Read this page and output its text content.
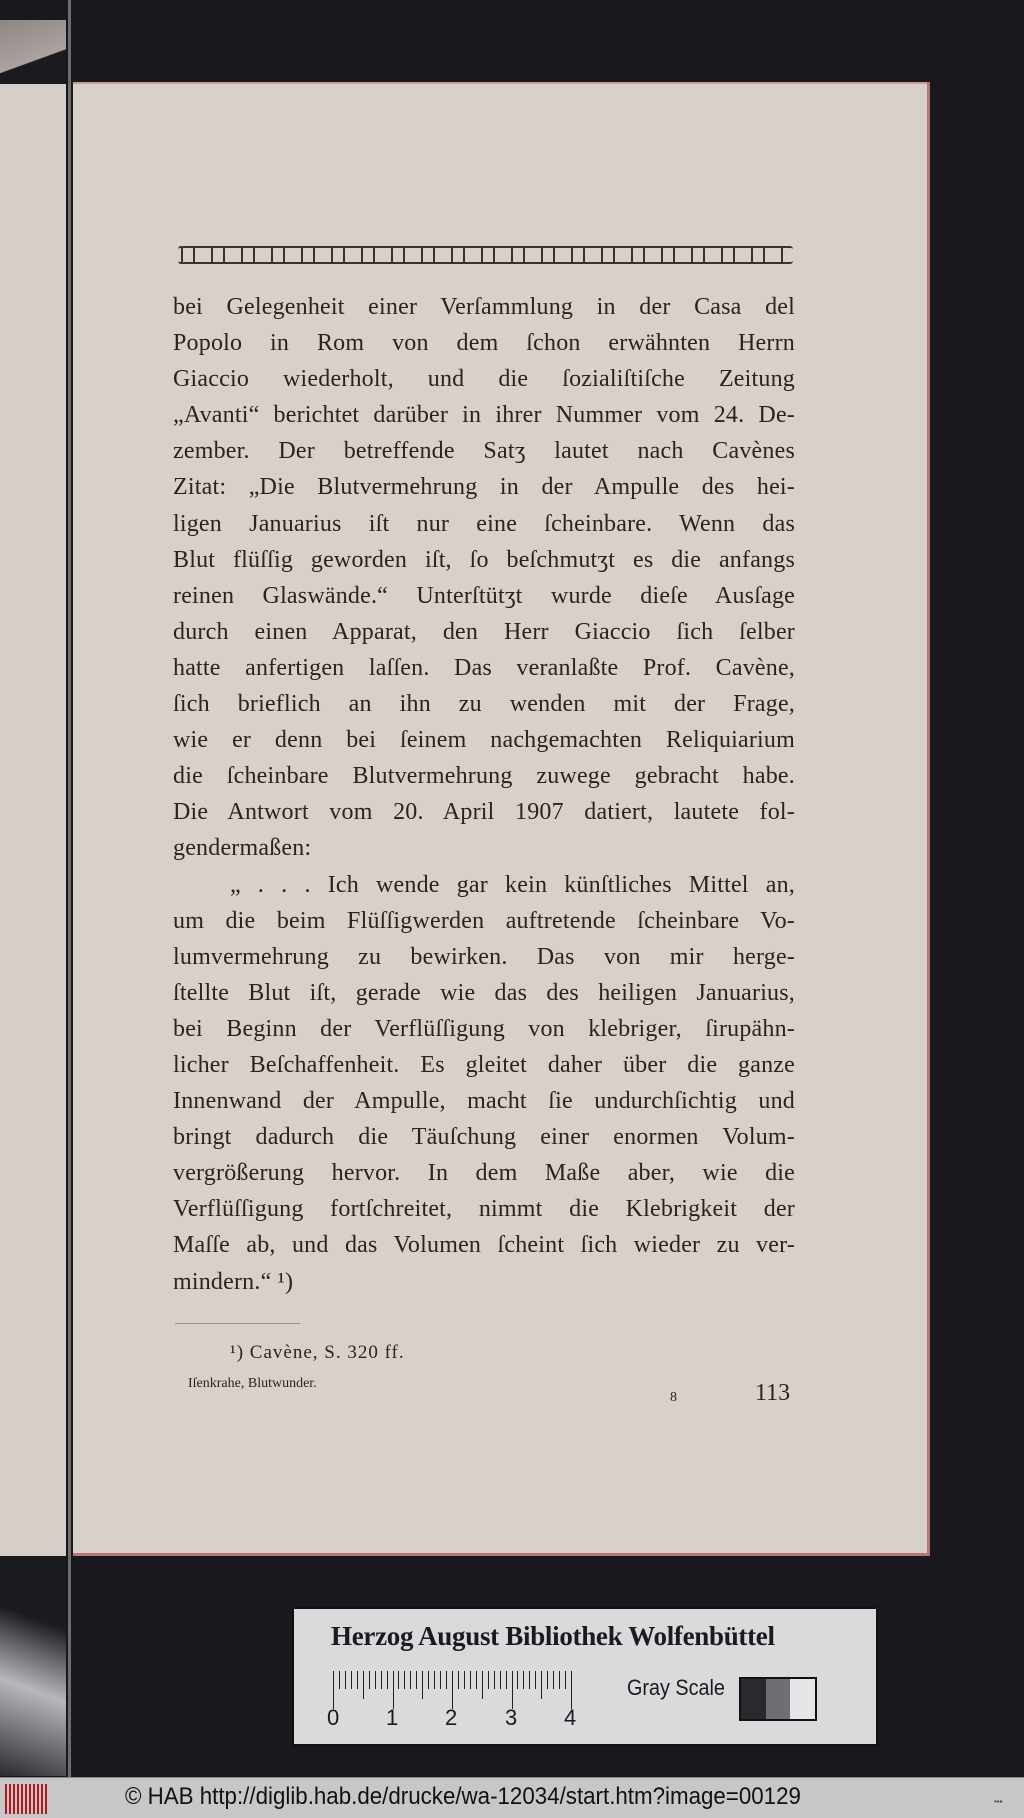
bei Gelegenheit einer Verſammlung in der Casa del
Popolo in Rom von dem ſchon erwähnten Herrn
Giaccio wiederholt, und die ſozialiſtiſche Zeitung
„Avanti“ berichtet darüber in ihrer Nummer vom 24. De-
zember. Der betreffende Satʒ lautet nach Cavènes
Zitat: „Die Blutvermehrung in der Ampulle des hei-
ligen Januarius iſt nur eine ſcheinbare. Wenn das
Blut flüſſig geworden iſt, ſo beſchmutʒt es die anfangs
reinen Glaswände.“ Unterſtütʒt wurde dieſe Ausſage
durch einen Apparat, den Herr Giaccio ſich ſelber
hatte anfertigen laſſen. Das veranlaßte Prof. Cavène,
ſich brieflich an ihn zu wenden mit der Frage,
wie er denn bei ſeinem nachgemachten Reliquiarium
die ſcheinbare Blutvermehrung zuwege gebracht habe.
Die Antwort vom 20. April 1907 datiert, lautete fol-
gendermaßen:
„ . . . Ich wende gar kein künſtliches Mittel an,
um die beim Flüſſigwerden auftretende ſcheinbare Vo-
lumvermehrung zu bewirken. Das von mir herge-
ſtellte Blut iſt, gerade wie das des heiligen Januarius,
bei Beginn der Verflüſſigung von klebriger, ſirupähn-
licher Beſchaffenheit. Es gleitet daher über die ganze
Innenwand der Ampulle, macht ſie undurchſichtig und
bringt dadurch die Täuſchung einer enormen Volum-
vergrößerung hervor. In dem Maße aber, wie die
Verflüſſigung fortſchreitet, nimmt die Klebrigkeit der
Maſſe ab, und das Volumen ſcheint ſich wieder zu ver-
mindern.“ ¹)
¹) Cavène, S. 320 ff.
Iſenkrahe, Blutwunder.
8	113
Herzog August Bibliothek Wolfenbüttel
0 1 2 3 4
Gray Scale
© HAB http://diglib.hab.de/drucke/wa-12034/start.htm?image=00129	•▪▪
